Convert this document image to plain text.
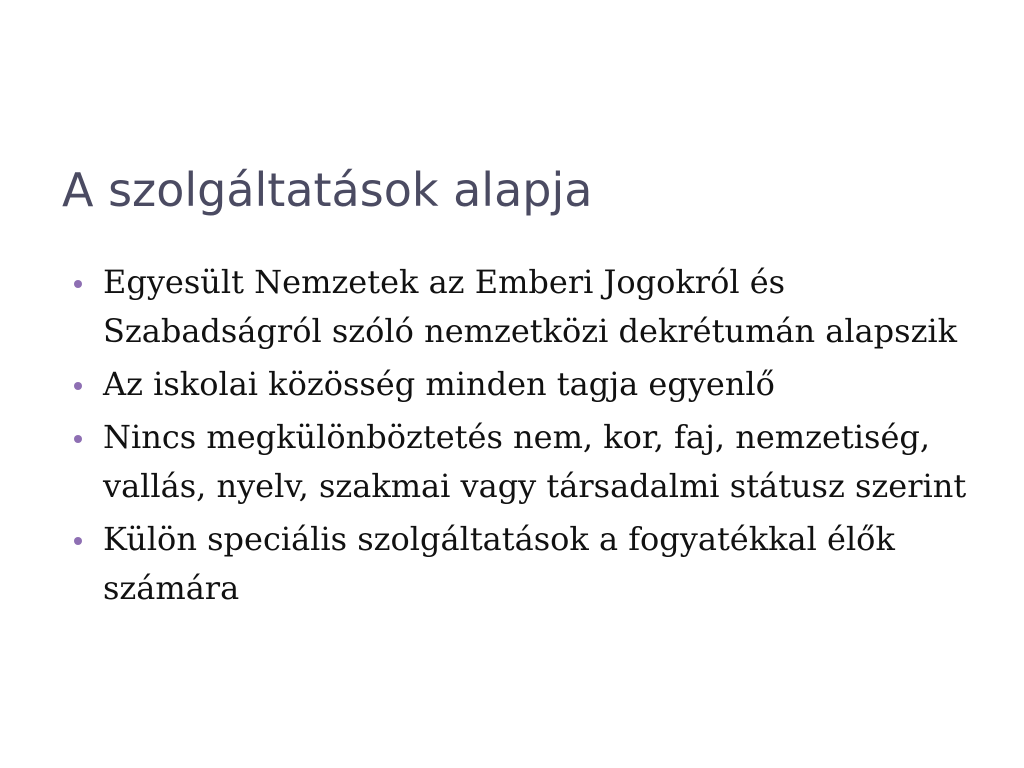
A szolgáltatások alapja
Egyesült Nemzetek az Emberi Jogokról és Szabadságról szóló nemzetközi dekrétumán alapszik
Az iskolai közösség minden tagja egyenlő
Nincs megkülönböztetés nem, kor, faj, nemzetiség, vallás, nyelv, szakmai vagy társadalmi státusz szerint
Külön speciális szolgáltatások a fogyatékkal élők számára
